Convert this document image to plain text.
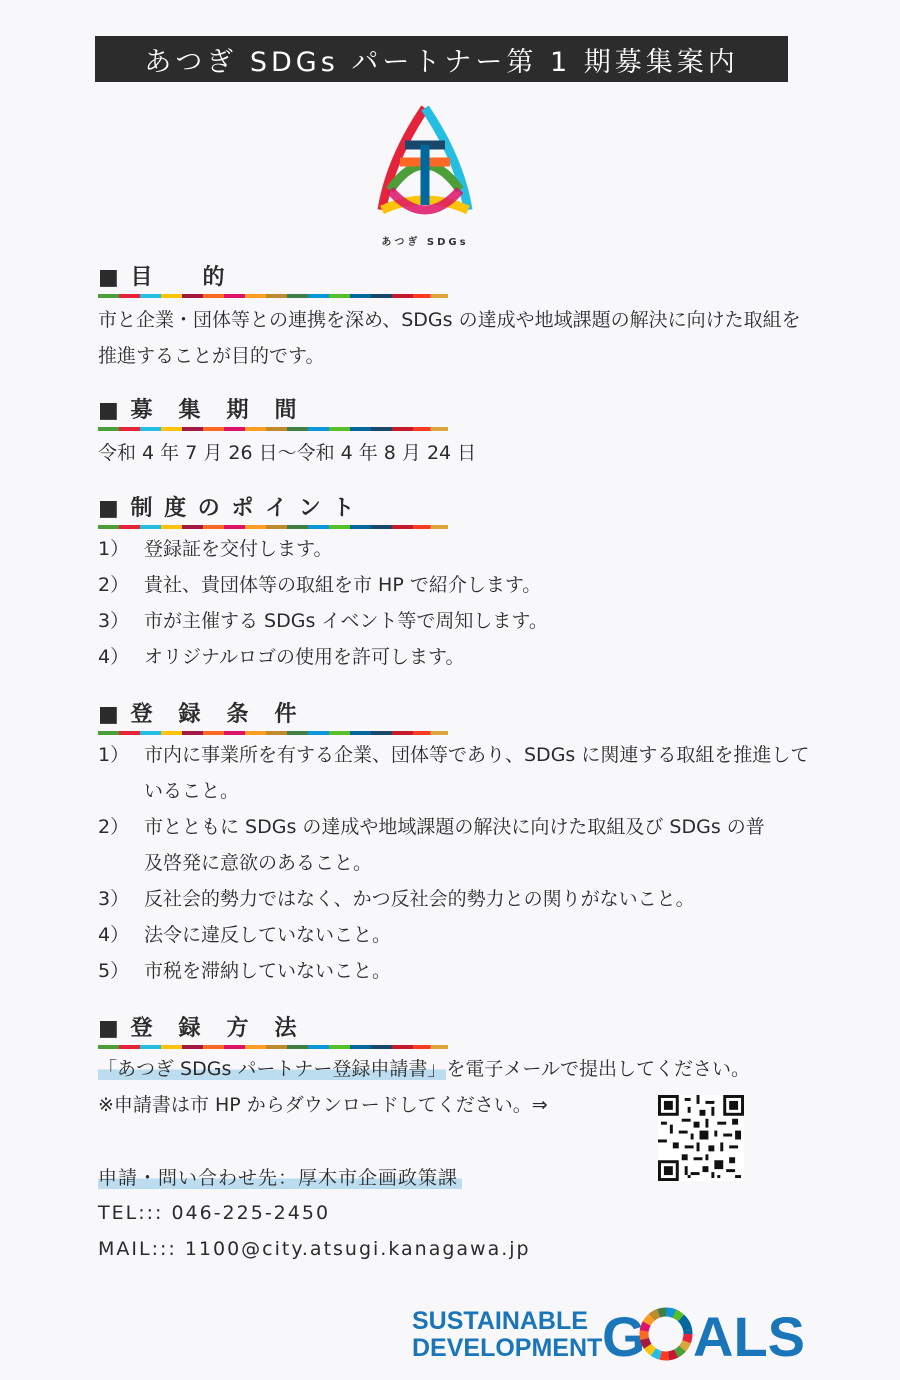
あつぎ SDGs パートナー第 1 期募集案内
あつぎ SDGs
■ 目　　的
市と企業・団体等との連携を深め、SDGs の達成や地域課題の解決に向けた取組を推進することが目的です。
■ 募　集　期　間
令和 4 年 7 月 26 日〜令和 4 年 8 月 24 日
■ 制 度 の ポ イ ン ト
1） 登録証を交付します。
2） 貴社、貴団体等の取組を市 HP で紹介します。
3） 市が主催する SDGs イベント等で周知します。
4） オリジナルロゴの使用を許可します。
■ 登　録　条　件
1） 市内に事業所を有する企業、団体等であり、SDGs に関連する取組を推進していること。
2） 市とともに SDGs の達成や地域課題の解決に向けた取組及び SDGs の普及啓発に意欲のあること。
3） 反社会的勢力ではなく、かつ反社会的勢力との関りがないこと。
4） 法令に違反していないこと。
5） 市税を滞納していないこと。
■ 登　録　方　法
「あつぎ SDGs パートナー登録申請書」を電子メールで提出してください。
※申請書は市 HP からダウンロードしてください。⇒
申請・問い合わせ先：厚木市企画政策課
TEL::: 046-225-2450
MAIL::: 1100@city.atsugi.kanagawa.jp
SUSTAINABLE
DEVELOPMENT G ALS
